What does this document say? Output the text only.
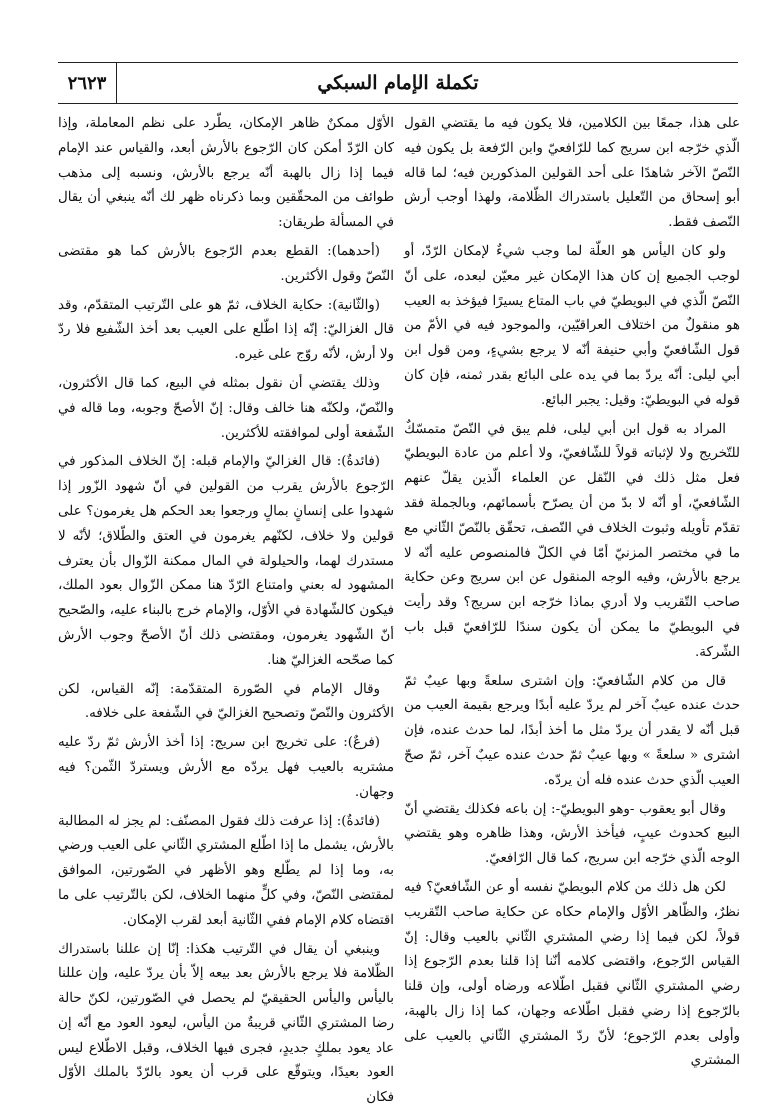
٢٦٢٣	تكملة الإمام السبكي

على هذا، جمعًا بين الكلامين، فلا يكون فيه ما يقتضي القول الّذي خرّجه ابن سريج كما للرّافعيّ وابن الرّفعة بل يكون فيه النّصّ الآخر شاهدًا على أحد القولين المذكورين فيه؛ لما قاله أبو إسحاق من التّعليل باستدراك الظّلامة، ولهذا أوجب أرش النّصف فقط.

ولو كان اليأس هو العلّة لما وجب شيءٌ لإمكان الرّدّ، أو لوجب الجميع إن كان هذا الإمكان غير معيّن لبعده، على أنّ النّصّ الّذي في البويطيّ في باب المتاع يسيرًا فيؤخذ به العيب هو منقولٌ من اختلاف العراقيّين، والموجود فيه في الأمّ من قول الشّافعيّ وأبي حنيفة أنّه لا يرجع بشيءٍ، ومن قول ابن أبي ليلى: أنّه يردّ بما في يده على البائع بقدر ثمنه، فإن كان قوله في البويطيّ: وقيل: يجبر البائع.

المراد به قول ابن أبي ليلى، فلم يبق في النّصّ متمسّكٌ للتّخريج ولا لإثباته قولاً للشّافعيّ، ولا أعلم من عادة البويطيّ فعل مثل ذلك في النّقل عن العلماء الّذين يقلّ عنهم الشّافعيّ، أو أنّه لا بدّ من أن يصرّح بأسمائهم، وبالجملة فقد تقدّم تأويله وثبوت الخلاف في النّصف، تحقّق بالنّصّ الثّاني مع ما في مختصر المزنيّ أمّا في الكلّ فالمنصوص عليه أنّه لا يرجع بالأرش، وفيه الوجه المنقول عن ابن سريج وعن حكاية صاحب التّقريب ولا أدري بماذا خرّجه ابن سريج؟ وقد رأيت في البويطيّ ما يمكن أن يكون سندًا للرّافعيّ قبل باب الشّركة.

قال من كلام الشّافعيّ: وإن اشترى سلعةً وبها عيبٌ ثمّ حدث عنده عيبٌ آخر لم يردّ عليه أبدًا ويرجع بقيمة العيب من قبل أنّه لا يقدر أن يردّ مثل ما أخذ أبدًا، لما حدث عنده، فإن اشترى « سلعةً » وبها عيبٌ ثمّ حدث عنده عيبٌ آخر، ثمّ صحّ العيب الّذي حدث عنده فله أن يردّه.

وقال أبو يعقوب -وهو البويطيّ-: إن باعه فكذلك يقتضي أنّ البيع كحدوث عيبٍ، فيأخذ الأرش، وهذا ظاهره وهو يقتضي الوجه الّذي خرّجه ابن سريج، كما قال الرّافعيّ.

لكن هل ذلك من كلام البويطيّ نفسه أو عن الشّافعيّ؟ فيه نظرٌ، والظّاهر الأوّل والإمام حكاه عن حكاية صاحب التّقريب قولاً، لكن فيما إذا رضي المشتري الثّاني بالعيب وقال: إنّ القياس الرّجوع، واقتضى كلامه أنّنا إذا قلنا بعدم الرّجوع إذا رضي المشتري الثّاني فقبل اطّلاعه ورضاه أولى، وإن قلنا بالرّجوع إذا رضي فقبل اطّلاعه وجهان، كما إذا زال بالهبة، وأولى بعدم الرّجوع؛ لأنّ ردّ المشتري الثّاني بالعيب على المشتري

الأوّل ممكنٌ ظاهر الإمكان، يطّرد على نظم المعاملة، وإذا كان الرّدّ أمكن كان الرّجوع بالأرش أبعد، والقياس عند الإمام فيما إذا زال بالهبة أنّه يرجع بالأرش، ونسبه إلى مذهب طوائف من المحقّقين وبما ذكرناه ظهر لك أنّه ينبغي أن يقال في المسألة طريقان:

(أحدهما): القطع بعدم الرّجوع بالأرش كما هو مقتضى النّصّ وقول الأكثرين.

(والثّانية): حكاية الخلاف، ثمّ هو على التّرتيب المتقدّم، وقد قال الغزاليّ: إنّه إذا اطّلع على العيب بعد أخذ الشّفيع فلا ردّ ولا أرش، لأنّه روّج على غيره.

وذلك يقتضي أن نقول بمثله في البيع، كما قال الأكثرون، والنّصّ، ولكنّه هنا خالف وقال: إنّ الأصحّ وجوبه، وما قاله في الشّفعة أولى لموافقته للأكثرين.

(فائدةٌ): قال الغزاليّ والإمام قبله: إنّ الخلاف المذكور في الرّجوع بالأرش يقرب من القولين في أنّ شهود الزّور إذا شهدوا على إنسانٍ بمالٍ ورجعوا بعد الحكم هل يغرمون؟ على قولين ولا خلاف، لكنّهم يغرمون في العتق والطّلاق؛ لأنّه لا مستدرك لهما، والحيلولة في المال ممكنة الزّوال بأن يعترف المشهود له بعني وامتناع الرّدّ هنا ممكن الزّوال بعود الملك، فيكون كالشّهادة في الأوّل، والإمام خرج بالبناء عليه، والصّحيح أنّ الشّهود يغرمون، ومقتضى ذلك أنّ الأصحّ وجوب الأرش كما صحّحه الغزاليّ هنا.

وقال الإمام في الصّورة المتقدّمة: إنّه القياس، لكن الأكثرون والنّصّ وتصحيح الغزاليّ في الشّفعة على خلافه.

(فرعٌ): على تخريج ابن سريج: إذا أخذ الأرش ثمّ ردّ عليه مشتريه بالعيب فهل يردّه مع الأرش ويستردّ الثّمن؟ فيه وجهان.

(فائدةٌ): إذا عرفت ذلك فقول المصنّف: لم يجز له المطالبة بالأرش، يشمل ما إذا اطّلع المشتري الثّاني على العيب ورضي به، وما إذا لم يطّلع وهو الأظهر في الصّورتين، الموافق لمقتضى النّصّ، وفي كلٍّ منهما الخلاف، لكن بالتّرتيب على ما اقتضاه كلام الإمام ففي الثّانية أبعد لقرب الإمكان.

وينبغي أن يقال في التّرتيب هكذا: إنّا إن عللنا باستدراك الظّلامة فلا يرجع بالأرش بعد بيعه إلاّ بأن يردّ عليه، وإن عللنا باليأس واليأس الحقيقيّ لم يحصل في الصّورتين، لكنّ حالة رضا المشتري الثّاني قريبةٌ من اليأس، ليعود العود مع أنّه إن عاد يعود بملكٍ جديدٍ، فجرى فيها الخلاف، وقبل الاطّلاع ليس العود بعيدًا، ويتوقّع على قرب أن يعود بالرّدّ بالملك الأوّل فكان
